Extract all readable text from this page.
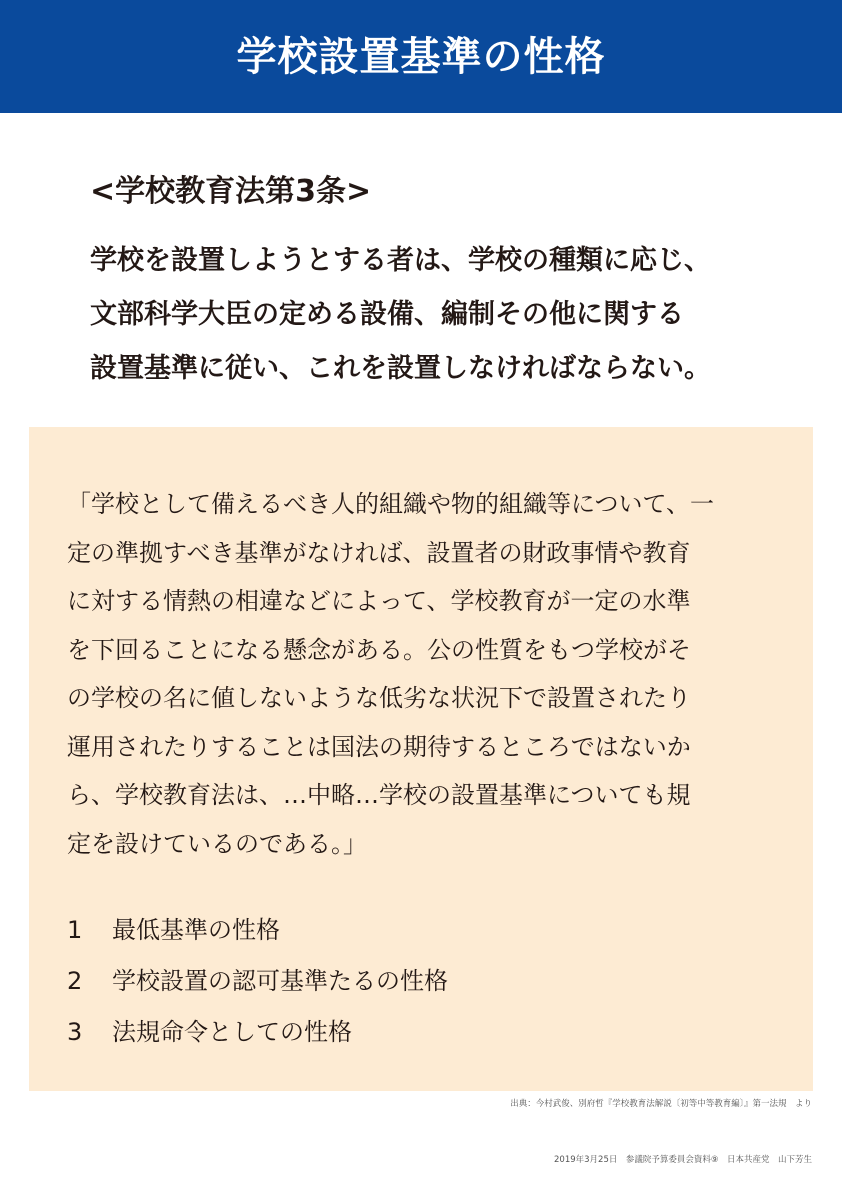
学校設置基準の性格
<学校教育法第3条>
学校を設置しようとする者は、学校の種類に応じ、
文部科学大臣の定める設備、編制その他に関する
設置基準に従い、これを設置しなければならない。
「学校として備えるべき人的組織や物的組織等について、一
定の準拠すべき基準がなければ、設置者の財政事情や教育
に対する情熱の相違などによって、学校教育が一定の水準
を下回ることになる懸念がある。公の性質をもつ学校がそ
の学校の名に値しないような低劣な状況下で設置されたり
運用されたりすることは国法の期待するところではないか
ら、学校教育法は、…中略…学校の設置基準についても規
定を設けているのである。」
1 最低基準の性格
2 学校設置の認可基準たるの性格
3 法規命令としての性格
出典：今村武俊、別府哲『学校教育法解説〔初等中等教育編〕』第一法規　より
2019年3月25日　参議院予算委員会資料⑨　日本共産党　山下芳生
